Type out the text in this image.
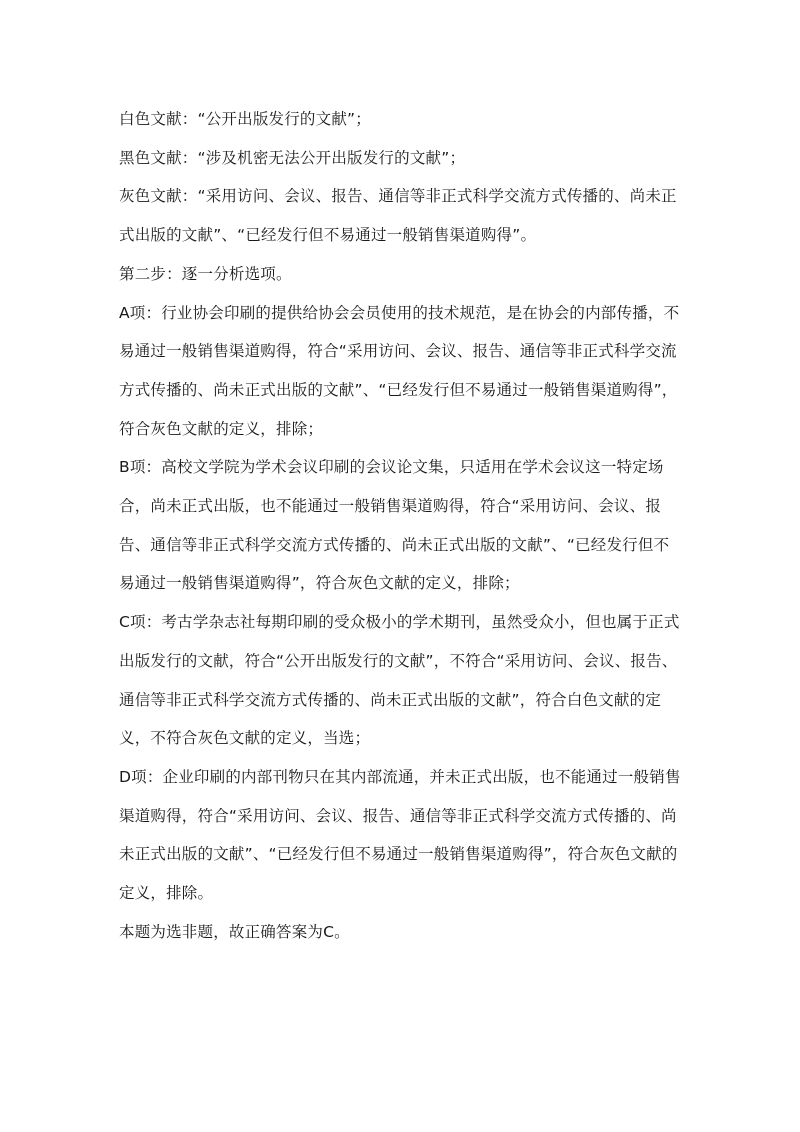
白色文献：“公开出版发行的文献”；

黑色文献：“涉及机密无法公开出版发行的文献”；

灰色文献：“采用访问、会议、报告、通信等非正式科学交流方式传播的、尚未正式出版的文献”、“已经发行但不易通过一般销售渠道购得”。

第二步：逐一分析选项。

A项：行业协会印刷的提供给协会会员使用的技术规范，是在协会的内部传播，不易通过一般销售渠道购得，符合“采用访问、会议、报告、通信等非正式科学交流方式传播的、尚未正式出版的文献”、“已经发行但不易通过一般销售渠道购得”，符合灰色文献的定义，排除；

B项：高校文学院为学术会议印刷的会议论文集，只适用在学术会议这一特定场合，尚未正式出版，也不能通过一般销售渠道购得，符合“采用访问、会议、报告、通信等非正式科学交流方式传播的、尚未正式出版的文献”、“已经发行但不易通过一般销售渠道购得”，符合灰色文献的定义，排除；

C项：考古学杂志社每期印刷的受众极小的学术期刊，虽然受众小，但也属于正式出版发行的文献，符合“公开出版发行的文献”，不符合“采用访问、会议、报告、通信等非正式科学交流方式传播的、尚未正式出版的文献”，符合白色文献的定义，不符合灰色文献的定义，当选；

D项：企业印刷的内部刊物只在其内部流通，并未正式出版，也不能通过一般销售渠道购得，符合“采用访问、会议、报告、通信等非正式科学交流方式传播的、尚未正式出版的文献”、“已经发行但不易通过一般销售渠道购得”，符合灰色文献的定义，排除。

本题为选非题，故正确答案为C。
